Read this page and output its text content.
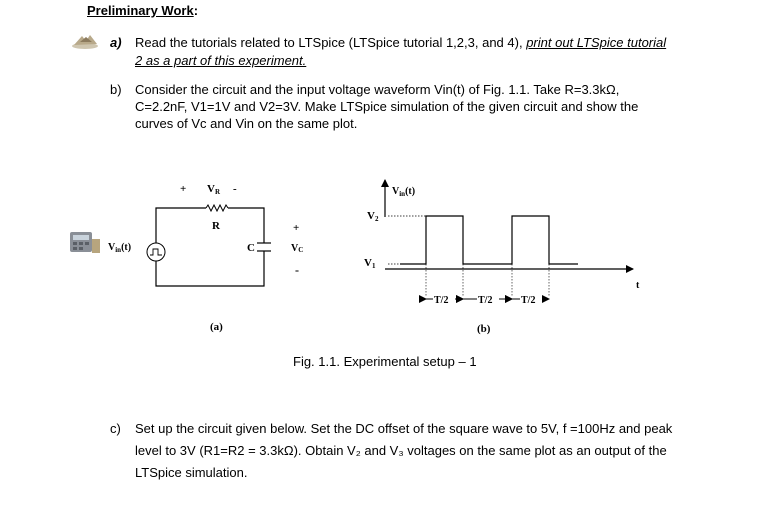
Preliminary Work:
a) Read the tutorials related to LTSpice (LTSpice tutorial 1,2,3, and 4), print out LTSpice tutorial
2 as a part of this experiment.
b) Consider the circuit and the input voltage waveform Vin(t) of Fig. 1.1. Take R=3.3kΩ,
C=2.2nF, V1=1V and V2=3V. Make LTSpice simulation of the given circuit and show the
curves of Vc and Vin on the same plot.
+ VR -
R
C
+
VC
-
$V_{in}(t)$
(a)
T/2	T/2	T/2
$V_{in}(t)$
V2
V1
t
(b)
Fig. 1.1. Experimental setup – 1
c) Set up the circuit given below. Set the DC offset of the square wave to 5V, f =100Hz and peak
level to 3V (R1=R2 = 3.3kΩ). Obtain V₂ and V₃ voltages on the same plot as an output of the
LTSpice simulation.
